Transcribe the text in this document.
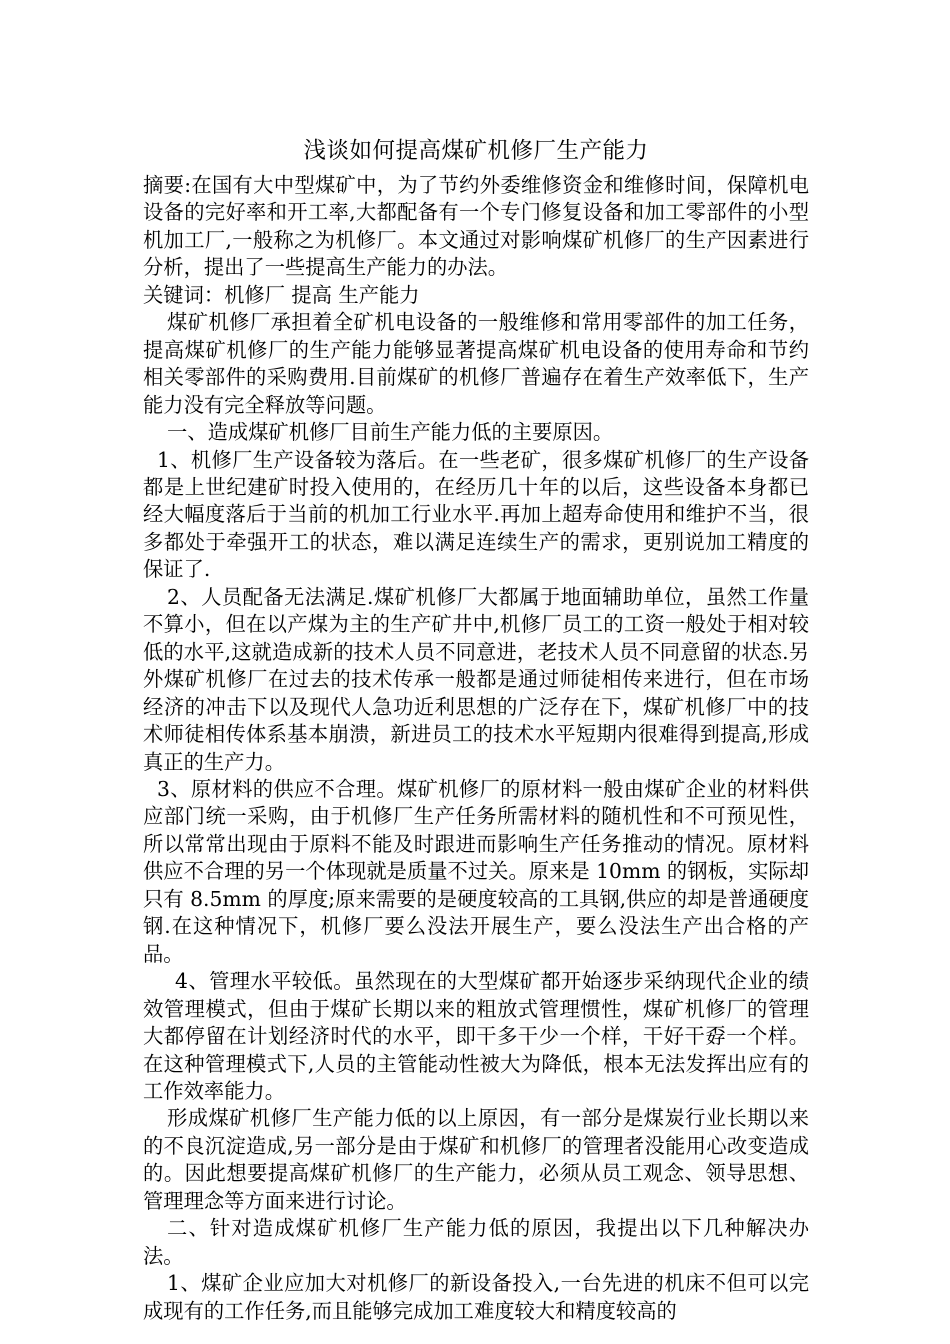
浅谈如何提高煤矿机修厂生产能力

摘要:在国有大中型煤矿中，为了节约外委维修资金和维修时间，保障机电设备的完好率和开工率,大都配备有一个专门修复设备和加工零部件的小型机加工厂,一般称之为机修厂。本文通过对影响煤矿机修厂的生产因素进行分析，提出了一些提高生产能力的办法。

关键词：机修厂 提高 生产能力

煤矿机修厂承担着全矿机电设备的一般维修和常用零部件的加工任务，提高煤矿机修厂的生产能力能够显著提高煤矿机电设备的使用寿命和节约相关零部件的采购费用.目前煤矿的机修厂普遍存在着生产效率低下，生产能力没有完全释放等问题。

一、造成煤矿机修厂目前生产能力低的主要原因。

1、机修厂生产设备较为落后。在一些老矿，很多煤矿机修厂的生产设备都是上世纪建矿时投入使用的，在经历几十年的以后，这些设备本身都已经大幅度落后于当前的机加工行业水平.再加上超寿命使用和维护不当，很多都处于牵强开工的状态，难以满足连续生产的需求，更别说加工精度的保证了.

2、人员配备无法满足.煤矿机修厂大都属于地面辅助单位，虽然工作量不算小，但在以产煤为主的生产矿井中,机修厂员工的工资一般处于相对较低的水平,这就造成新的技术人员不同意进，老技术人员不同意留的状态.另外煤矿机修厂在过去的技术传承一般都是通过师徒相传来进行，但在市场经济的冲击下以及现代人急功近利思想的广泛存在下，煤矿机修厂中的技术师徒相传体系基本崩溃，新进员工的技术水平短期内很难得到提高,形成真正的生产力。

3、原材料的供应不合理。煤矿机修厂的原材料一般由煤矿企业的材料供应部门统一采购，由于机修厂生产任务所需材料的随机性和不可预见性，所以常常出现由于原料不能及时跟进而影响生产任务推动的情况。原材料供应不合理的另一个体现就是质量不过关。原来是 10mm 的钢板，实际却只有 8.5mm 的厚度;原来需要的是硬度较高的工具钢,供应的却是普通硬度钢.在这种情况下，机修厂要么没法开展生产，要么没法生产出合格的产品。

4、管理水平较低。虽然现在的大型煤矿都开始逐步采纳现代企业的绩效管理模式，但由于煤矿长期以来的粗放式管理惯性，煤矿机修厂的管理大都停留在计划经济时代的水平，即干多干少一个样，干好干孬一个样。在这种管理模式下,人员的主管能动性被大为降低，根本无法发挥出应有的工作效率能力。

形成煤矿机修厂生产能力低的以上原因，有一部分是煤炭行业长期以来的不良沉淀造成,另一部分是由于煤矿和机修厂的管理者没能用心改变造成的。因此想要提高煤矿机修厂的生产能力，必须从员工观念、领导思想、管理理念等方面来进行讨论。

二、针对造成煤矿机修厂生产能力低的原因，我提出以下几种解决办法。

1、煤矿企业应加大对机修厂的新设备投入,一台先进的机床不但可以完成现有的工作任务,而且能够完成加工难度较大和精度较高的
